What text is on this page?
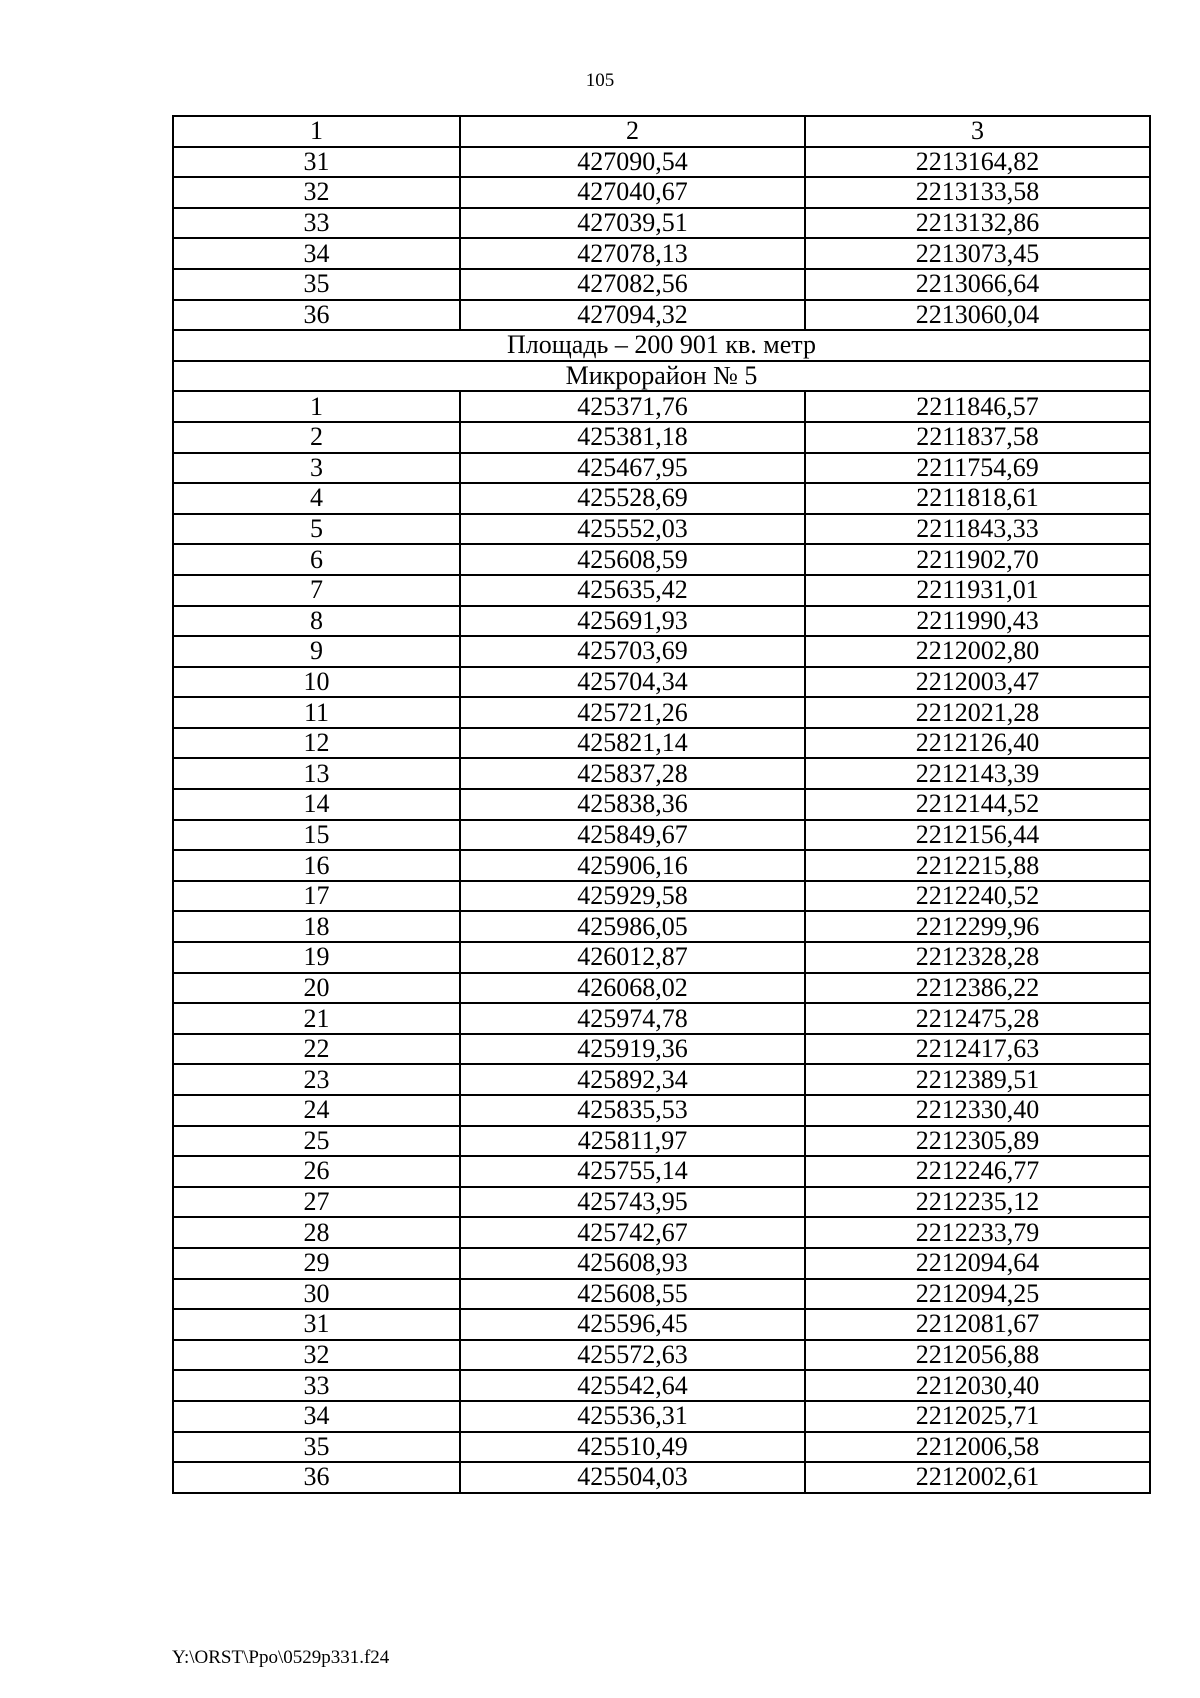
105
1	2	3
31	427090,54	2213164,82
32	427040,67	2213133,58
33	427039,51	2213132,86
34	427078,13	2213073,45
35	427082,56	2213066,64
36	427094,32	2213060,04
Площадь – 200 901 кв. метр		
Микрорайон № 5		
1	425371,76	2211846,57
2	425381,18	2211837,58
3	425467,95	2211754,69
4	425528,69	2211818,61
5	425552,03	2211843,33
6	425608,59	2211902,70
7	425635,42	2211931,01
8	425691,93	2211990,43
9	425703,69	2212002,80
10	425704,34	2212003,47
11	425721,26	2212021,28
12	425821,14	2212126,40
13	425837,28	2212143,39
14	425838,36	2212144,52
15	425849,67	2212156,44
16	425906,16	2212215,88
17	425929,58	2212240,52
18	425986,05	2212299,96
19	426012,87	2212328,28
20	426068,02	2212386,22
21	425974,78	2212475,28
22	425919,36	2212417,63
23	425892,34	2212389,51
24	425835,53	2212330,40
25	425811,97	2212305,89
26	425755,14	2212246,77
27	425743,95	2212235,12
28	425742,67	2212233,79
29	425608,93	2212094,64
30	425608,55	2212094,25
31	425596,45	2212081,67
32	425572,63	2212056,88
33	425542,64	2212030,40
34	425536,31	2212025,71
35	425510,49	2212006,58
36	425504,03	2212002,61
Y:\ORST\Ppo\0529p331.f24
